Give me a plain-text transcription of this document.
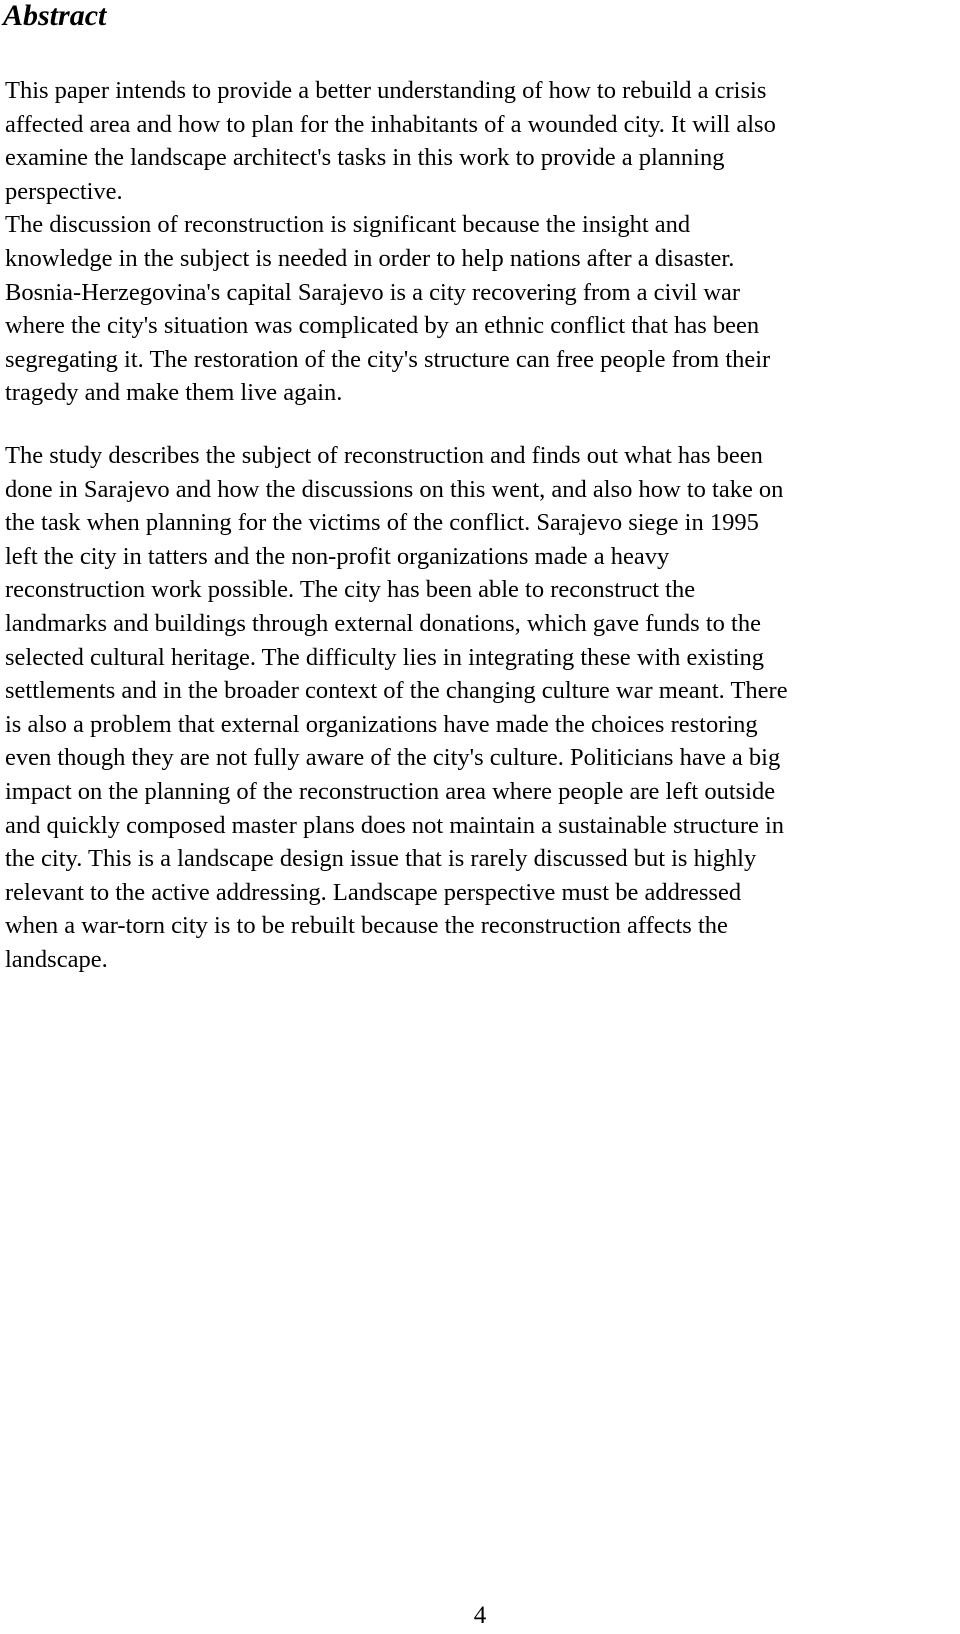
Abstract
This paper intends to provide a better understanding of how to rebuild a crisis
affected area and how to plan for the inhabitants of a wounded city. It will also
examine the landscape architect's tasks in this work to provide a planning
perspective.
The discussion of reconstruction is significant because the insight and
knowledge in the subject is needed in order to help nations after a disaster.
Bosnia-Herzegovina's capital Sarajevo is a city recovering from a civil war
where the city's situation was complicated by an ethnic conflict that has been
segregating it. The restoration of the city's structure can free people from their
tragedy and make them live again.
The study describes the subject of reconstruction and finds out what has been
done in Sarajevo and how the discussions on this went, and also how to take on
the task when planning for the victims of the conflict. Sarajevo siege in 1995
left the city in tatters and the non-profit organizations made a heavy
reconstruction work possible. The city has been able to reconstruct the
landmarks and buildings through external donations, which gave funds to the
selected cultural heritage. The difficulty lies in integrating these with existing
settlements and in the broader context of the changing culture war meant. There
is also a problem that external organizations have made the choices restoring
even though they are not fully aware of the city's culture. Politicians have a big
impact on the planning of the reconstruction area where people are left outside
and quickly composed master plans does not maintain a sustainable structure in
the city. This is a landscape design issue that is rarely discussed but is highly
relevant to the active addressing. Landscape perspective must be addressed
when a war-torn city is to be rebuilt because the reconstruction affects the
landscape.
4
